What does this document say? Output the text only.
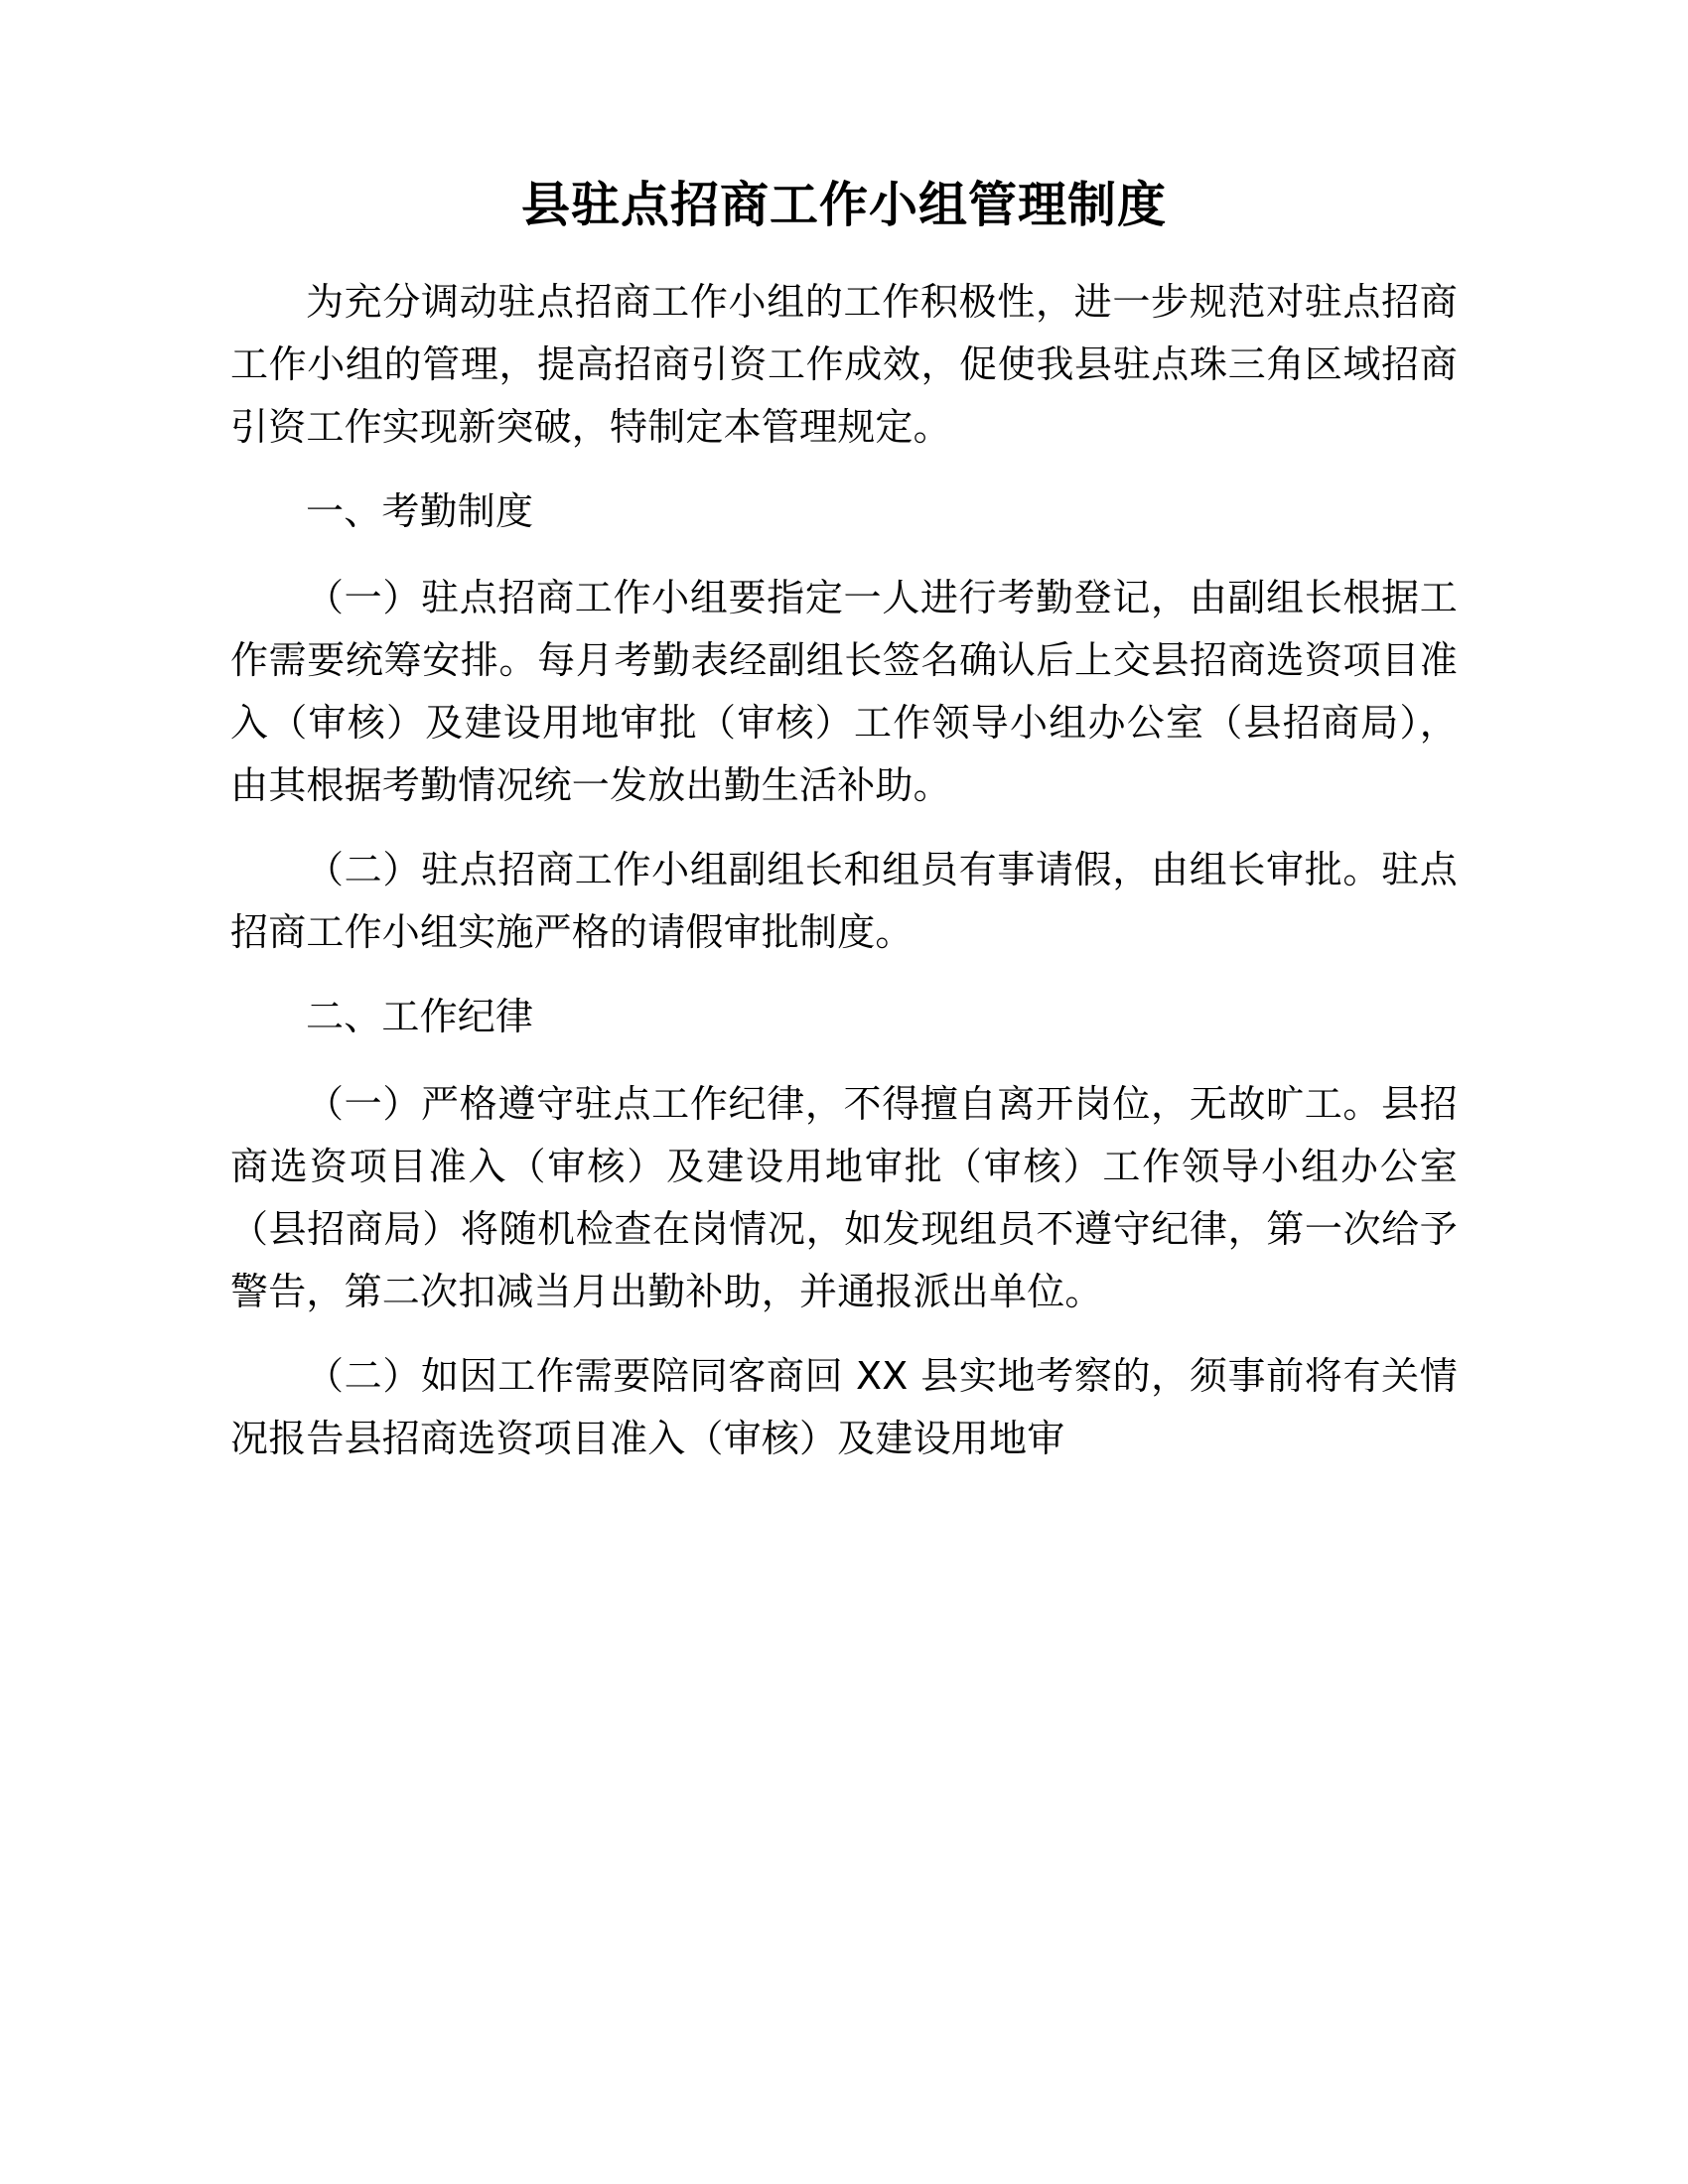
县驻点招商工作小组管理制度

为充分调动驻点招商工作小组的工作积极性，进一步规范对驻点招商工作小组的管理，提高招商引资工作成效，促使我县驻点珠三角区域招商引资工作实现新突破，特制定本管理规定。

一、考勤制度

（一）驻点招商工作小组要指定一人进行考勤登记，由副组长根据工作需要统筹安排。每月考勤表经副组长签名确认后上交县招商选资项目准入（审核）及建设用地审批（审核）工作领导小组办公室（县招商局），由其根据考勤情况统一发放出勤生活补助。

（二）驻点招商工作小组副组长和组员有事请假，由组长审批。驻点招商工作小组实施严格的请假审批制度。

二、工作纪律

（一）严格遵守驻点工作纪律，不得擅自离开岗位，无故旷工。县招商选资项目准入（审核）及建设用地审批（审核）工作领导小组办公室（县招商局）将随机检查在岗情况，如发现组员不遵守纪律，第一次给予警告，第二次扣减当月出勤补助，并通报派出单位。

（二）如因工作需要陪同客商回 XX 县实地考察的，须事前将有关情况报告县招商选资项目准入（审核）及建设用地审
